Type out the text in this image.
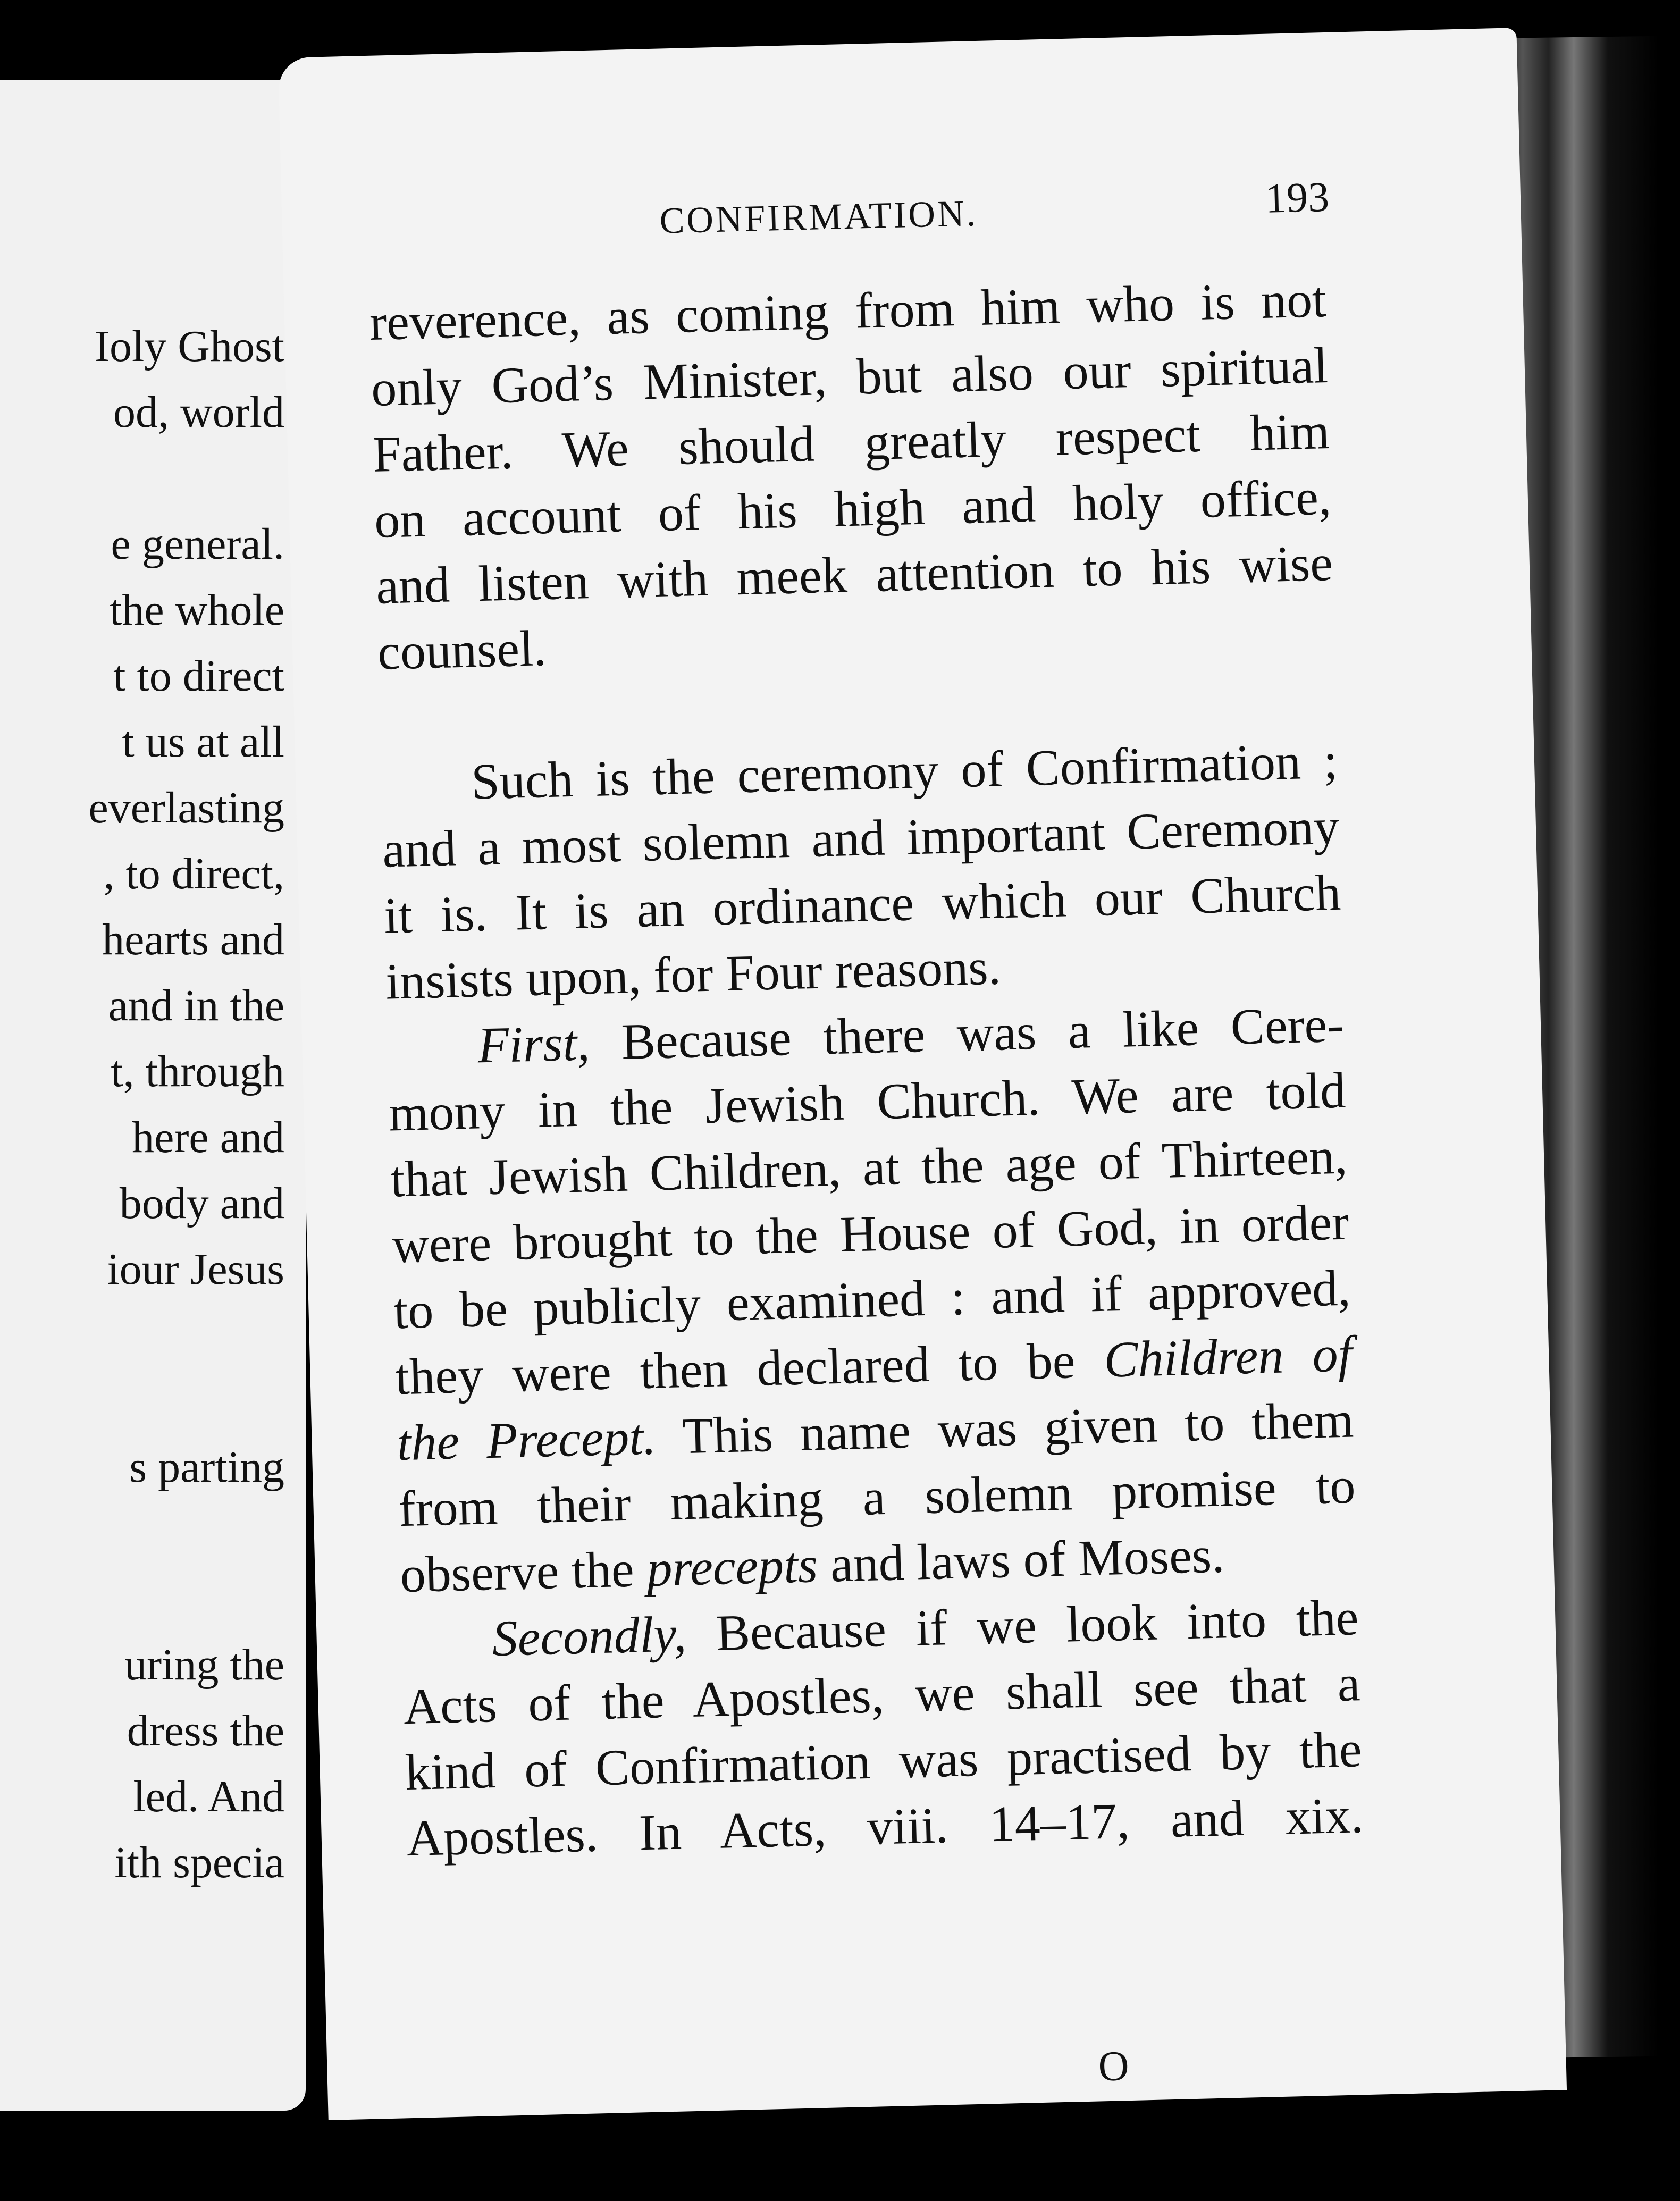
Ioly Ghost
od, world
e general.
the whole
t to direct
t us at all
everlasting
, to direct,
hearts and
and in the
t, through
here and
body and
iour Jesus
s parting
uring the
dress the
led. And
ith specia
CONFIRMATION.	193
reverence, as coming from him who is not
only God’s Minister, but also our spiritual
Father. We should greatly respect him
on account of his high and holy office,
and listen with meek attention to his wise
counsel.
Such is the ceremony of Confirmation ;
and a most solemn and important Ceremony
it is. It is an ordinance which our Church
insists upon, for Four reasons.
First, Because there was a like Cere-
mony in the Jewish Church. We are told
that Jewish Children, at the age of Thirteen,
were brought to the House of God, in order
to be publicly examined : and if approved,
they were then declared to be Children of
the Precept. This name was given to them
from their making a solemn promise to
observe the precepts and laws of Moses.
Secondly, Because if we look into the
Acts of the Apostles, we shall see that a
kind of Confirmation was practised by the
Apostles. In Acts, viii. 14–17, and xix.
O
